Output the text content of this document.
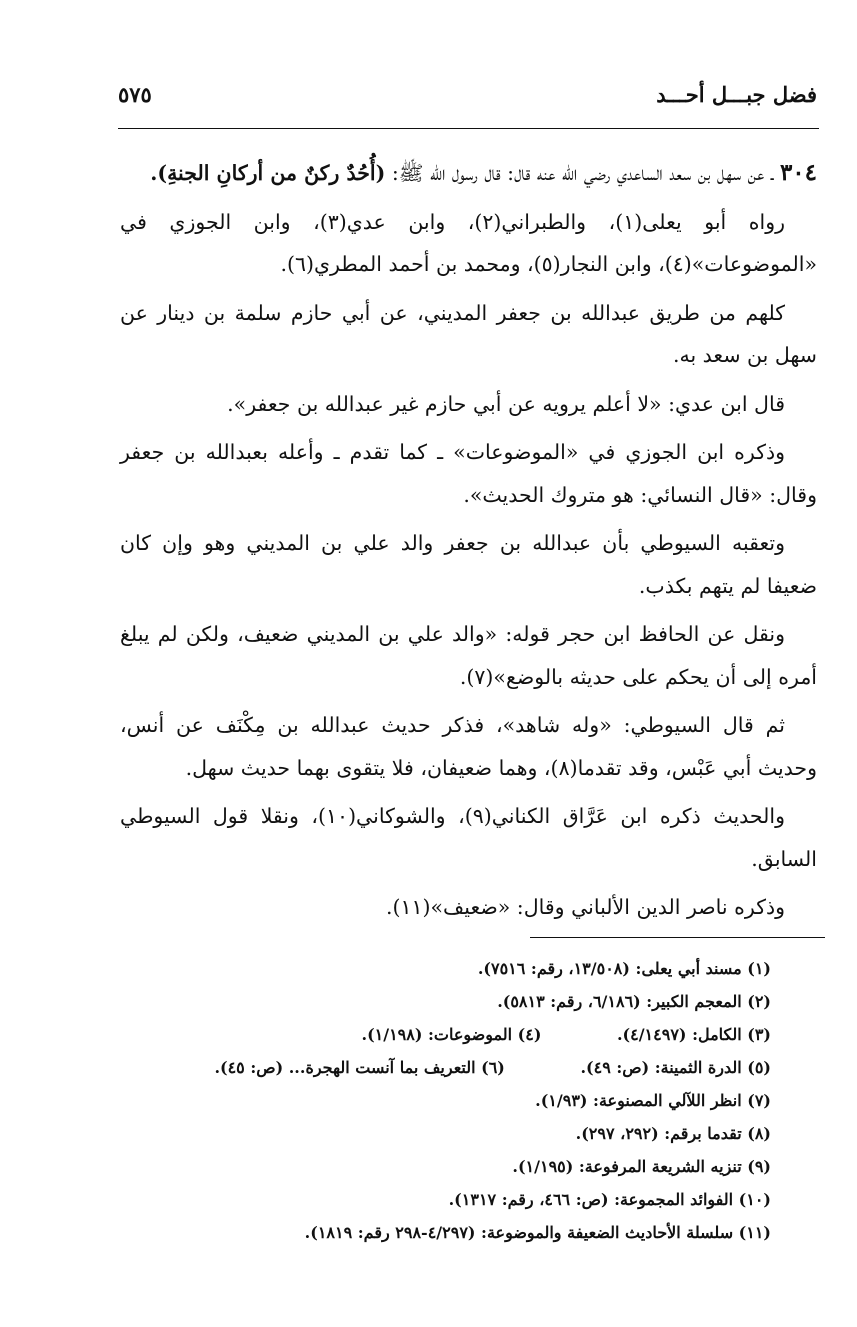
فضل جبـــل أحـــد
٥٧٥

٣٠٤ ـ عن سهل بن سعد الساعدي رضي الله عنه قال: قال رسول الله ﷺ: (أُحُدٌ ركنٌ من أركانِ الجنةِ).

رواه أبو يعلى(١)، والطبراني(٢)، وابن عدي(٣)، وابن الجوزي في «الموضوعات»(٤)، وابن النجار(٥)، ومحمد بن أحمد المطري(٦).

كلهم من طريق عبدالله بن جعفر المديني، عن أبي حازم سلمة بن دينار عن سهل بن سعد به.

قال ابن عدي: «لا أعلم يرويه عن أبي حازم غير عبدالله بن جعفر».

وذكره ابن الجوزي في «الموضوعات» ـ كما تقدم ـ وأعله بعبدالله بن جعفر وقال: «قال النسائي: هو متروك الحديث».

وتعقبه السيوطي بأن عبدالله بن جعفر والد علي بن المديني وهو وإن كان ضعيفا لم يتهم بكذب.

ونقل عن الحافظ ابن حجر قوله: «والد علي بن المديني ضعيف، ولكن لم يبلغ أمره إلى أن يحكم على حديثه بالوضع»(٧).

ثم قال السيوطي: «وله شاهد»، فذكر حديث عبدالله بن مِكْنَف عن أنس، وحديث أبي عَبْس، وقد تقدما(٨)، وهما ضعيفان، فلا يتقوى بهما حديث سهل.

والحديث ذكره ابن عَرَّاق الكناني(٩)، والشوكاني(١٠)، ونقلا قول السيوطي السابق.

وذكره ناصر الدين الألباني وقال: «ضعيف»(١١).

(١) مسند أبي يعلى: (١٣/٥٠٨، رقم: ٧٥١٦).
(٢) المعجم الكبير: (٦/١٨٦، رقم: ٥٨١٣).
(٣) الكامل: (٤/١٤٩٧). (٤) الموضوعات: (١/١٩٨).
(٥) الدرة الثمينة: (ص: ٤٩). (٦) التعريف بما آنست الهجرة... (ص: ٤٥).
(٧) انظر اللآلي المصنوعة: (١/٩٣).
(٨) تقدما برقم: (٢٩٢، ٢٩٧).
(٩) تنزيه الشريعة المرفوعة: (١/١٩٥).
(١٠) الفوائد المجموعة: (ص: ٤٦٦، رقم: ١٣١٧).
(١١) سلسلة الأحاديث الضعيفة والموضوعة: (٤/٢٩٧-٢٩٨ رقم: ١٨١٩).
